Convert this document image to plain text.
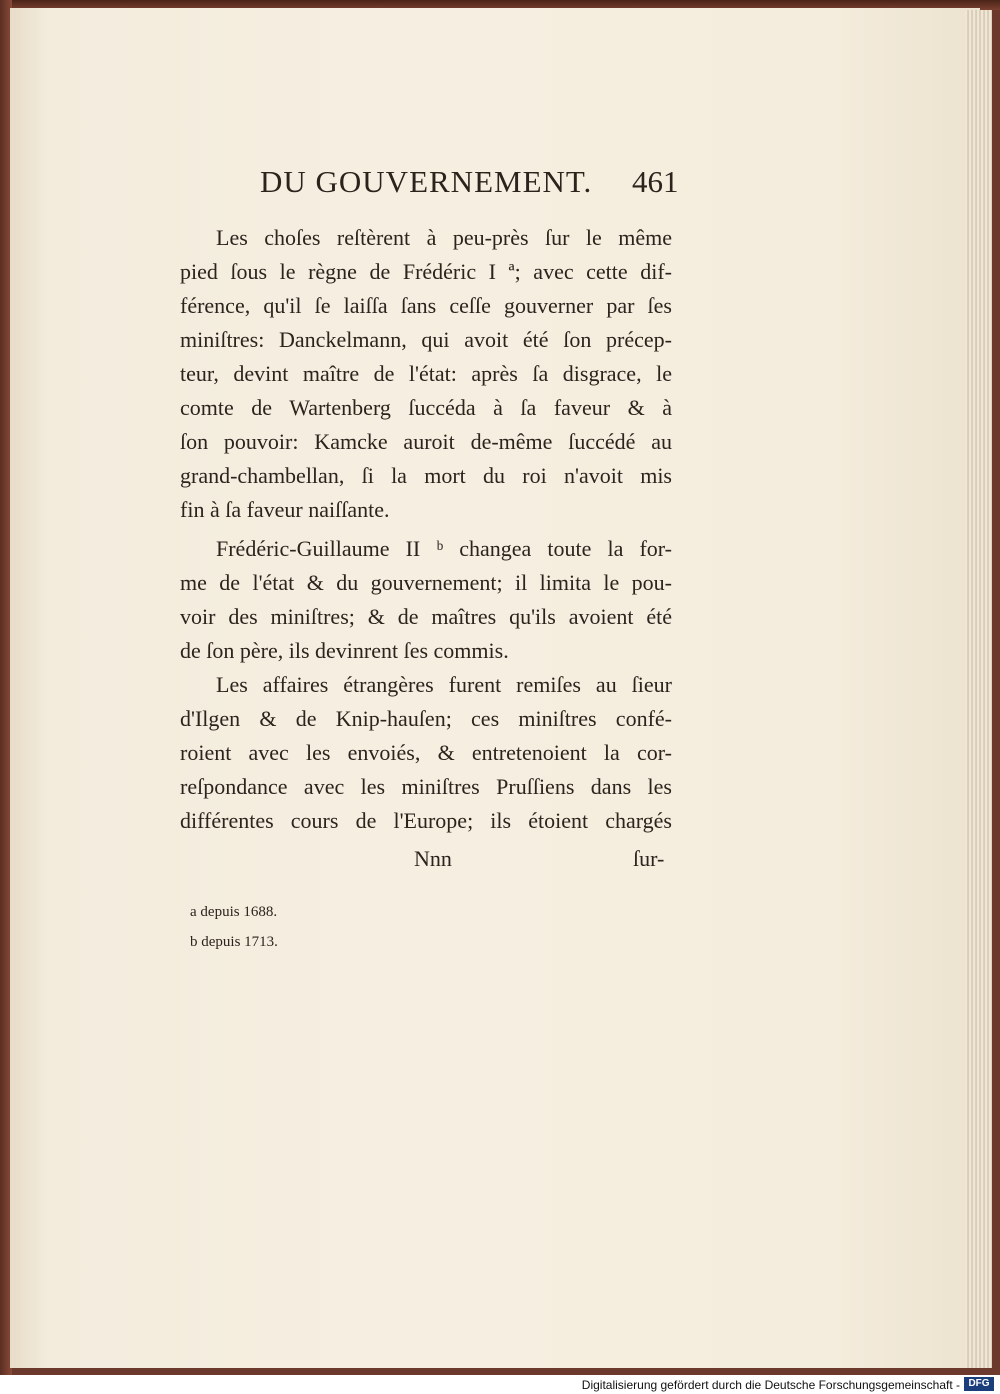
DU GOUVERNEMENT. 461
Les choſes reſtèrent à peu-près ſur le même
pied ſous le règne de Frédéric I ª; avec cette dif-
férence, qu'il ſe laiſſa ſans ceſſe gouverner par ſes
miniſtres: Danckelmann, qui avoit été ſon précep-
teur, devint maître de l'état: après ſa disgrace, le
comte de Wartenberg ſuccéda à ſa faveur & à
ſon pouvoir: Kamcke auroit de-même ſuccédé au
grand-chambellan, ſi la mort du roi n'avoit mis
fin à ſa faveur naiſſante.
Frédéric-Guillaume II ᵇ changea toute la for-
me de l'état & du gouvernement; il limita le pou-
voir des miniſtres; & de maîtres qu'ils avoient été
de ſon père, ils devinrent ſes commis.
Les affaires étrangères furent remiſes au ſieur
d'Ilgen & de Knip-hauſen; ces miniſtres confé-
roient avec les envoiés, & entretenoient la cor-
reſpondance avec les miniſtres Pruſſiens dans les
différentes cours de l'Europe; ils étoient chargés
Nnn	ſur-
a depuis 1688.
b depuis 1713.
Digitalisierung gefördert durch die Deutsche Forschungsgemeinschaft - DFG
